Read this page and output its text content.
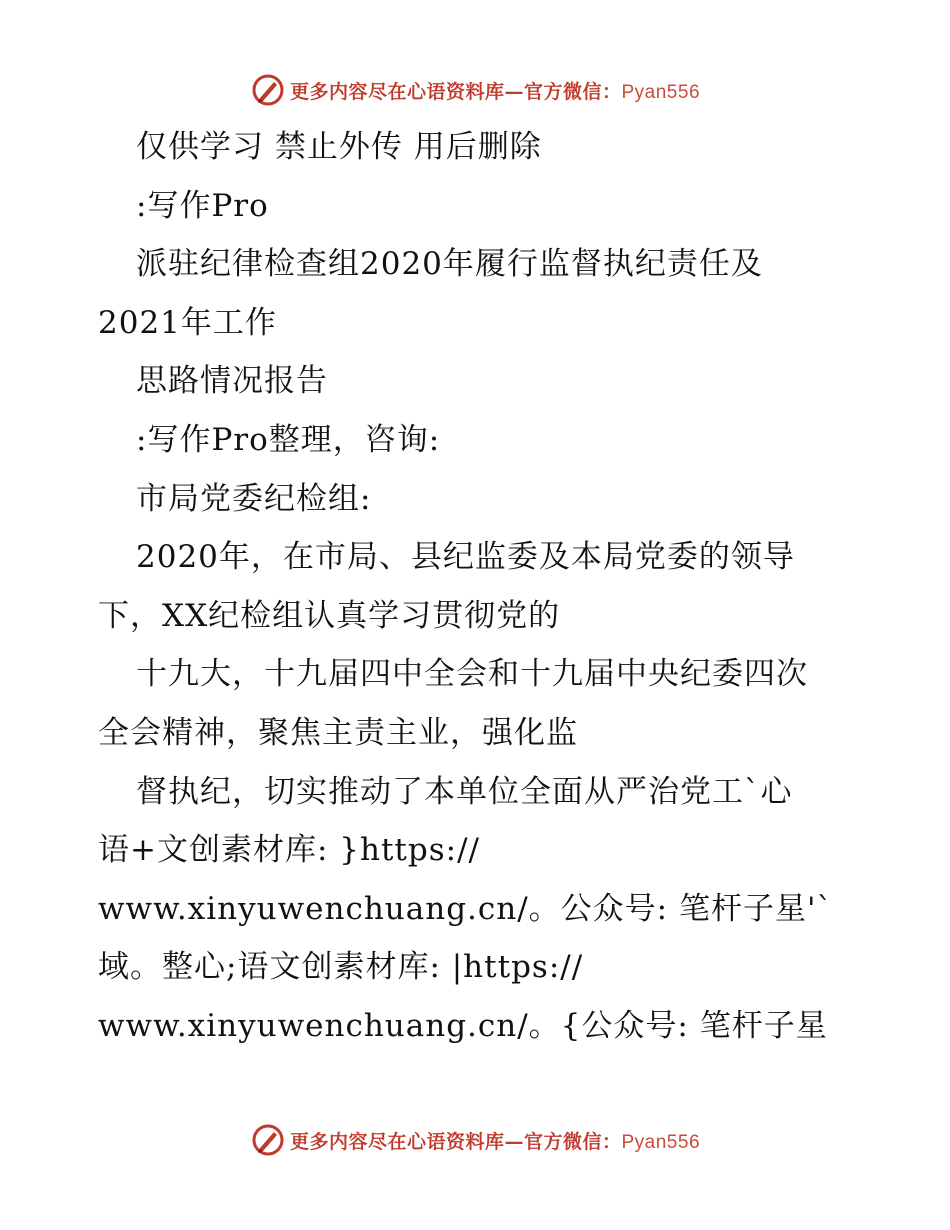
更多内容尽在心语资料库—官方微信：Pyan556
仅供学习 禁止外传 用后删除
:写作Pro
派驻纪律检查组2020年履行监督执纪责任及
2021年工作
思路情况报告
:写作Pro整理，咨询:
市局党委纪检组:
2020年，在市局、县纪监委及本局党委的领导
下，XX纪检组认真学习贯彻党的
十九大，十九届四中全会和十九届中央纪委四次
全会精神，聚焦主责主业，强化监
督执纪，切实推动了本单位全面从严治党工`心
语+文创素材库: }https://
www.xinyuwenchuang.cn/。公众号: 笔杆子星'`
域。整心;语文创素材库: |https://
www.xinyuwenchuang.cn/。{公众号: 笔杆子星
更多内容尽在心语资料库—官方微信：Pyan556
